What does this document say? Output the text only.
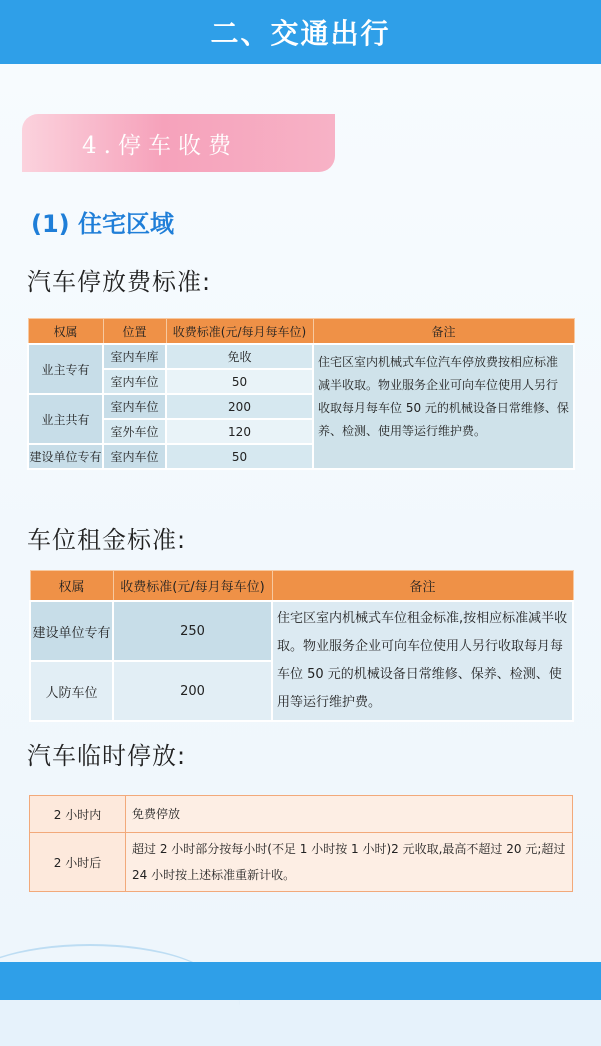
二、交通出行
4.停车收费
(1) 住宅区域
汽车停放费标准:
权属	位置	收费标准(元/每月每车位)	备注
业主专有	室内车库	免收	住宅区室内机械式车位汽车停放费按相应标准减半收取。物业服务企业可向车位使用人另行收取每月每车位 50 元的机械设备日常维修、保养、检测、使用等运行维护费。
	室内车位	50	
业主共有	室内车位	200	
	室外车位	120	
建设单位专有	室内车位	50	
车位租金标准:
权属	收费标准(元/每月每车位)	备注
建设单位专有	250	住宅区室内机械式车位租金标准,按相应标准减半收取。物业服务企业可向车位使用人另行收取每月每车位 50 元的机械设备日常维修、保养、检测、使用等运行维护费。
人防车位	200	
汽车临时停放:
2 小时内	免费停放
2 小时后	超过 2 小时部分按每小时(不足 1 小时按 1 小时)2 元收取,最高不超过 20 元;超过 24 小时按上述标准重新计收。
